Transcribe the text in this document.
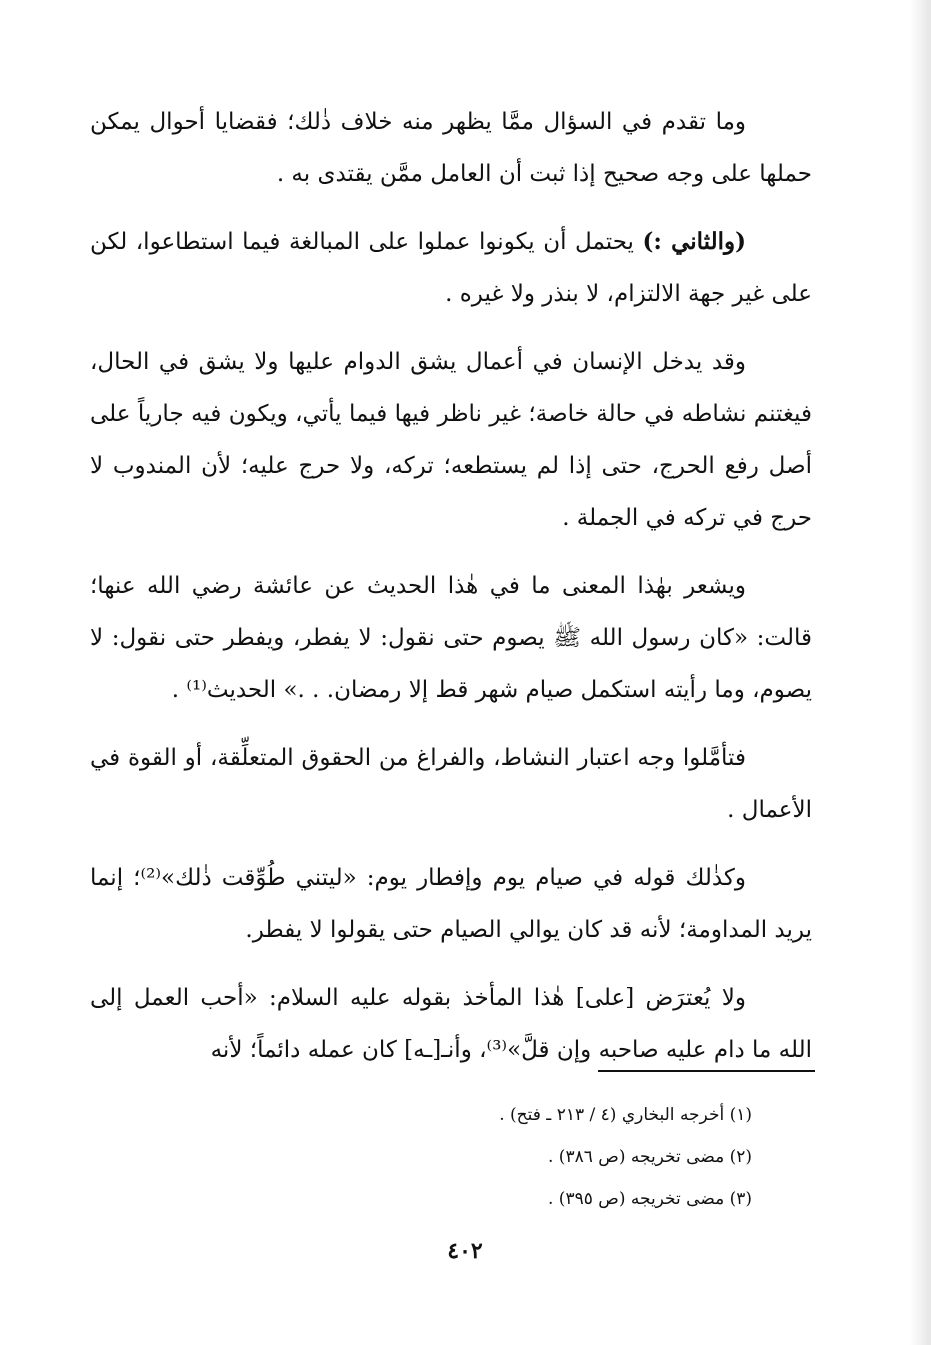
وما تقدم في السؤال ممَّا يظهر منه خلاف ذٰلك؛ فقضايا أحوال يمكن حملها على وجه صحيح إذا ثبت أن العامل ممَّن يقتدى به .

(والثاني :) يحتمل أن يكونوا عملوا على المبالغة فيما استطاعوا، لكن على غير جهة الالتزام، لا بنذر ولا غيره .

وقد يدخل الإنسان في أعمال يشق الدوام عليها ولا يشق في الحال، فيغتنم نشاطه في حالة خاصة؛ غير ناظر فيها فيما يأتي، ويكون فيه جارياً على أصل رفع الحرج، حتى إذا لم يستطعه؛ تركه، ولا حرج عليه؛ لأن المندوب لا حرج في تركه في الجملة .

ويشعر بهٰذا المعنى ما في هٰذا الحديث عن عائشة رضي الله عنها؛ قالت: «كان رسول الله ﷺ يصوم حتى نقول: لا يفطر، ويفطر حتى نقول: لا يصوم، وما رأيته استكمل صيام شهر قط إلا رمضان. . .» الحديث⁽¹⁾ .

فتأمَّلوا وجه اعتبار النشاط، والفراغ من الحقوق المتعلِّقة، أو القوة في الأعمال .

وكذٰلك قوله في صيام يوم وإفطار يوم: «ليتني طُوِّقت ذٰلك»⁽²⁾؛ إنما يريد المداومة؛ لأنه قد كان يوالي الصيام حتى يقولوا لا يفطر.

ولا يُعترَض [على] هٰذا المأخذ بقوله عليه السلام: «أحب العمل إلى الله ما دام عليه صاحبه وإن قلَّ»⁽³⁾، وأنـ[ـه] كان عمله دائماً؛ لأنه

(١) أخرجه البخاري (٤ / ٢١٣ ـ فتح) .

(٢) مضى تخريجه (ص ٣٨٦) .

(٣) مضى تخريجه (ص ٣٩٥) .

٤٠٢
